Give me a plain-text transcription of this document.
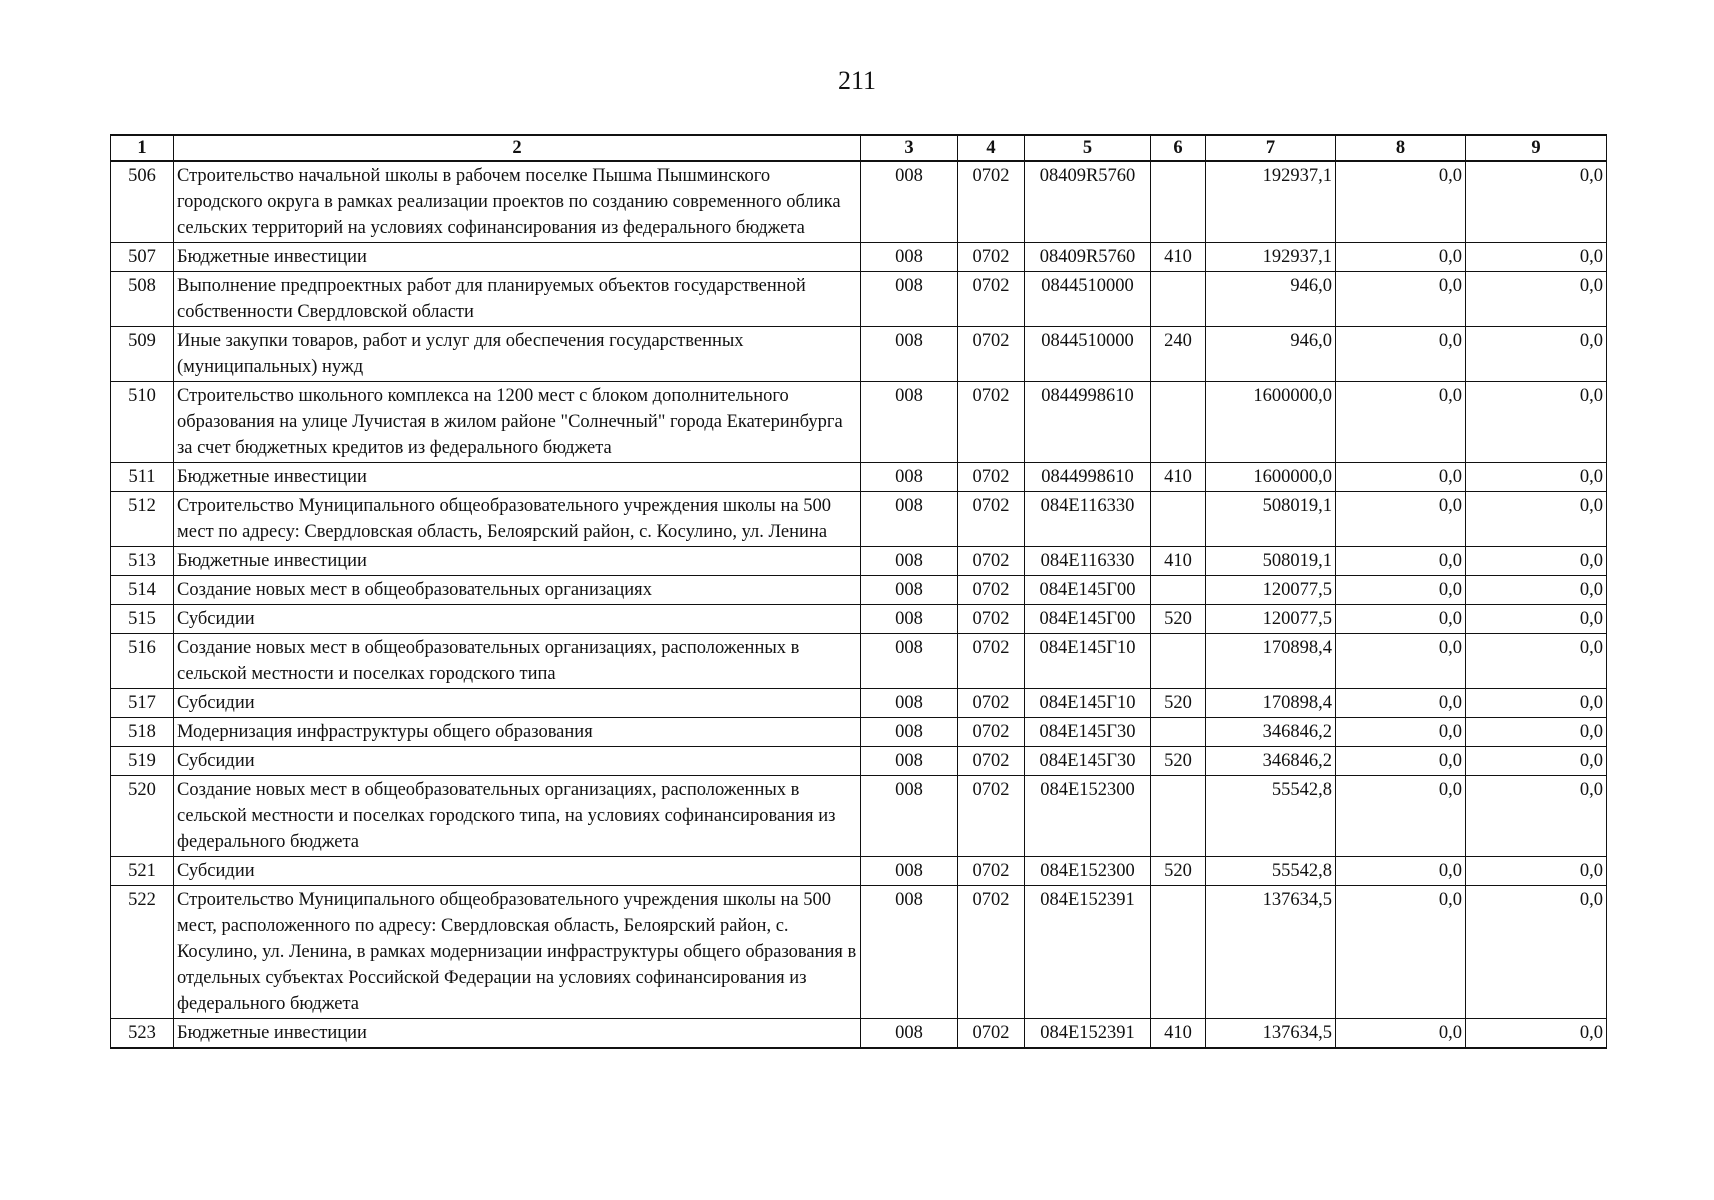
211
1	2	3	4	5	6	7	8	9
506	Строительство начальной школы в рабочем поселке Пышма Пышминского городского округа в рамках реализации проектов по созданию современного облика сельских территорий на условиях софинансирования из федерального бюджета	008	0702	08409R5760		192937,1	0,0	0,0
507	Бюджетные инвестиции	008	0702	08409R5760	410	192937,1	0,0	0,0
508	Выполнение предпроектных работ для планируемых объектов государственной собственности Свердловской области	008	0702	0844510000		946,0	0,0	0,0
509	Иные закупки товаров, работ и услуг для обеспечения государственных (муниципальных) нужд	008	0702	0844510000	240	946,0	0,0	0,0
510	Строительство школьного комплекса на 1200 мест с блоком дополнительного образования на улице Лучистая в жилом районе "Солнечный" города Екатеринбурга за счет бюджетных кредитов из федерального бюджета	008	0702	0844998610		1600000,0	0,0	0,0
511	Бюджетные инвестиции	008	0702	0844998610	410	1600000,0	0,0	0,0
512	Строительство Муниципального общеобразовательного учреждения школы на 500 мест по адресу: Свердловская область, Белоярский район, с. Косулино, ул. Ленина	008	0702	084E116330		508019,1	0,0	0,0
513	Бюджетные инвестиции	008	0702	084E116330	410	508019,1	0,0	0,0
514	Создание новых мест в общеобразовательных организациях	008	0702	084E145Г00		120077,5	0,0	0,0
515	Субсидии	008	0702	084E145Г00	520	120077,5	0,0	0,0
516	Создание новых мест в общеобразовательных организациях, расположенных в сельской местности и поселках городского типа	008	0702	084E145Г10		170898,4	0,0	0,0
517	Субсидии	008	0702	084E145Г10	520	170898,4	0,0	0,0
518	Модернизация инфраструктуры общего образования	008	0702	084E145Г30		346846,2	0,0	0,0
519	Субсидии	008	0702	084E145Г30	520	346846,2	0,0	0,0
520	Создание новых мест в общеобразовательных организациях, расположенных в сельской местности и поселках городского типа, на условиях софинансирования из федерального бюджета	008	0702	084E152300		55542,8	0,0	0,0
521	Субсидии	008	0702	084E152300	520	55542,8	0,0	0,0
522	Строительство Муниципального общеобразовательного учреждения школы на 500 мест, расположенного по адресу: Свердловская область, Белоярский район, с. Косулино, ул. Ленина, в рамках модернизации инфраструктуры общего образования в отдельных субъектах Российской Федерации на условиях софинансирования из федерального бюджета	008	0702	084E152391		137634,5	0,0	0,0
523	Бюджетные инвестиции	008	0702	084E152391	410	137634,5	0,0	0,0
